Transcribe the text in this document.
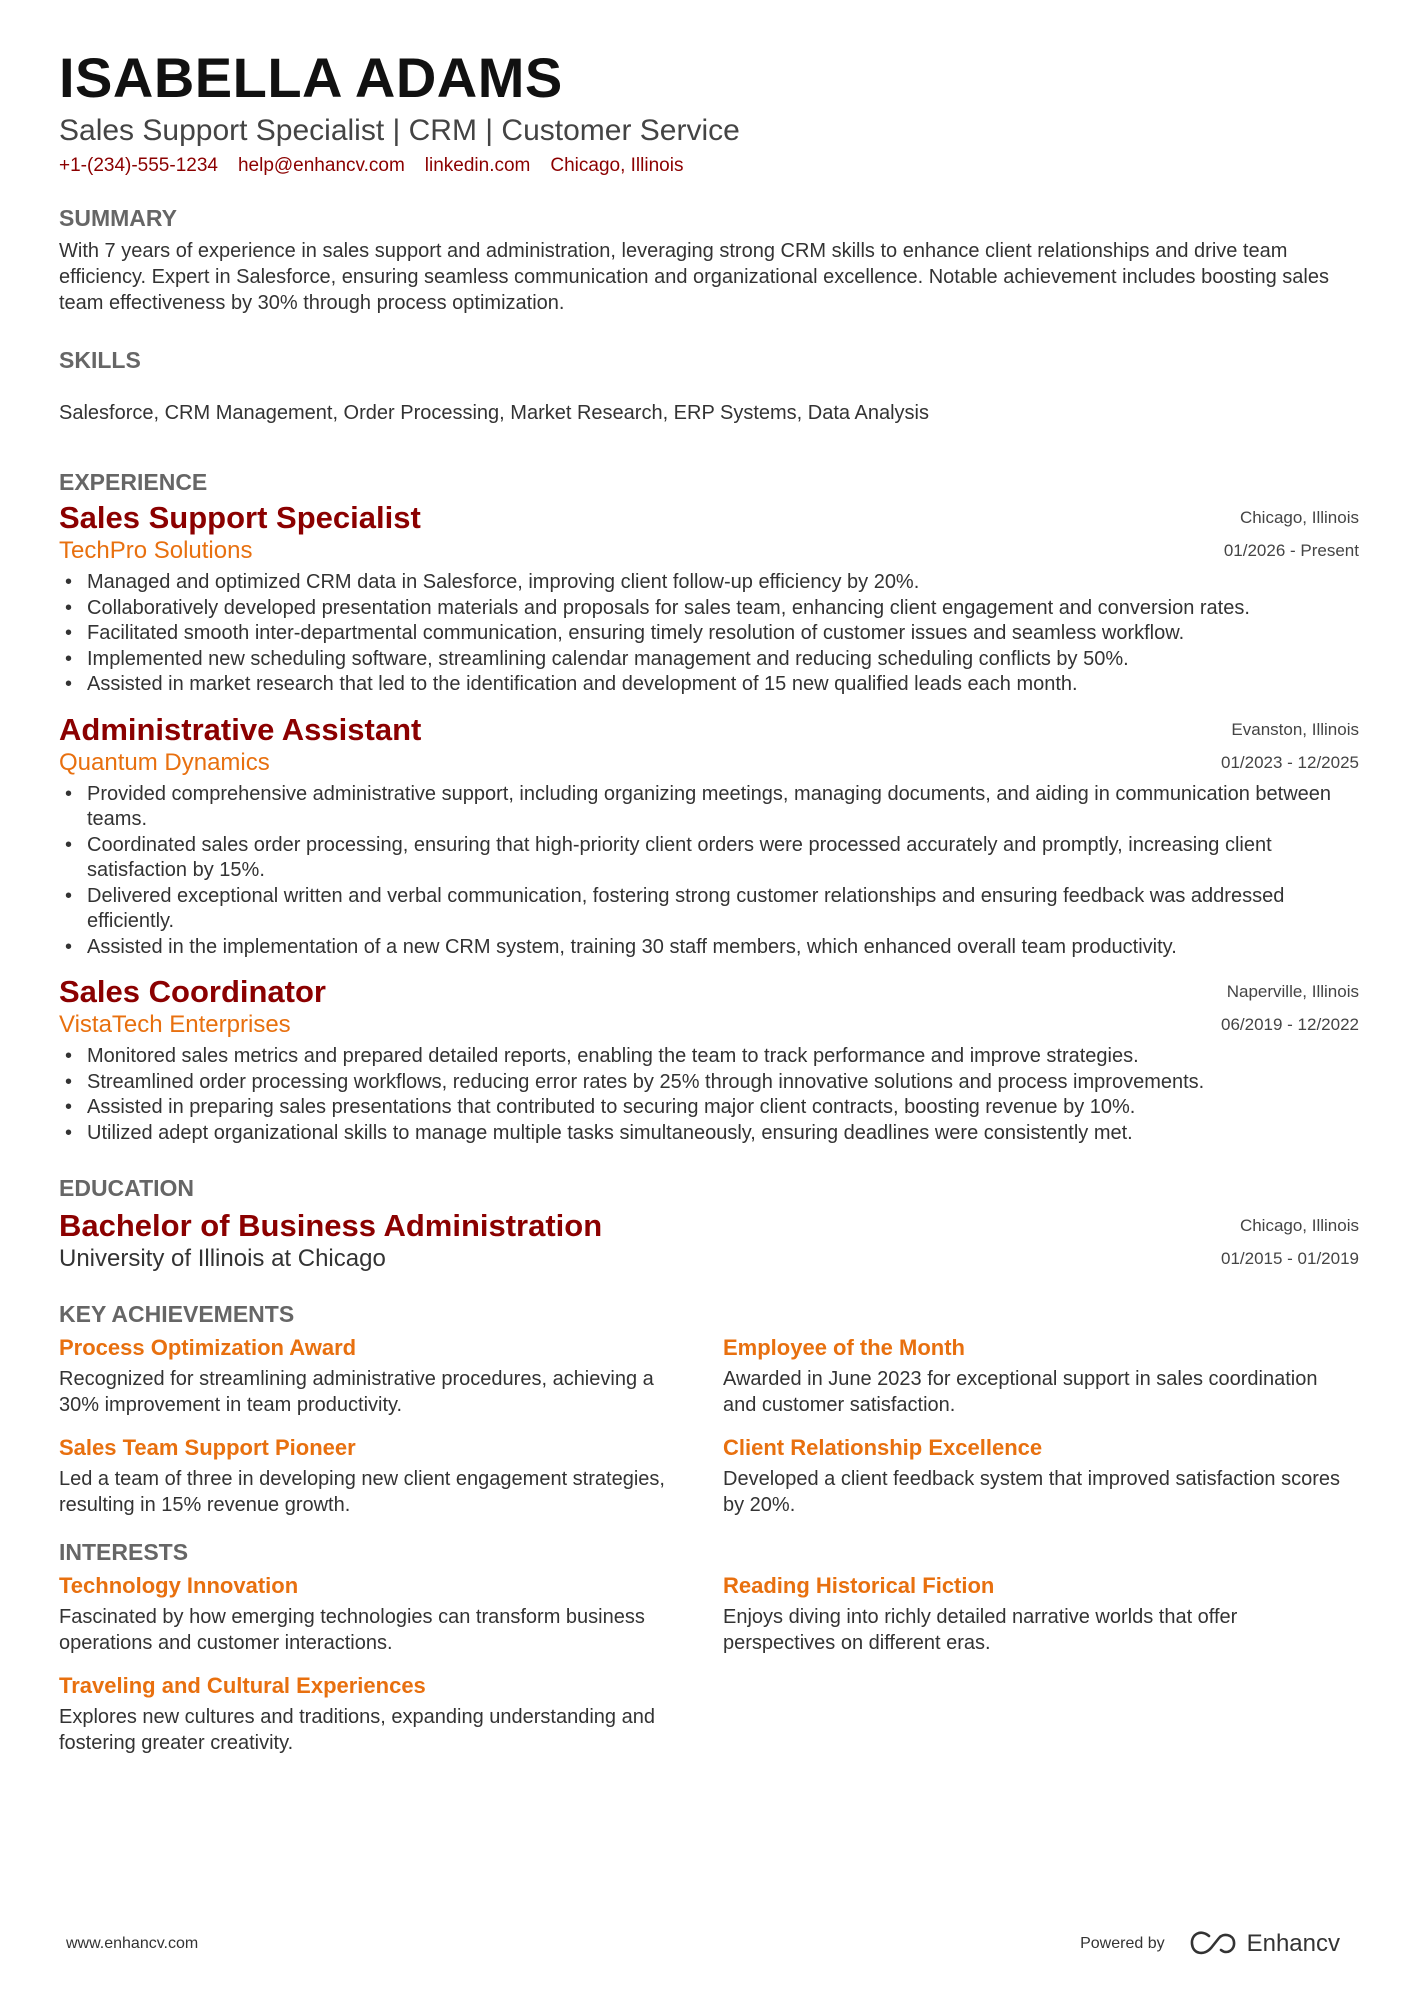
ISABELLA ADAMS
Sales Support Specialist | CRM | Customer Service
+1-(234)-555-1234 help@enhancv.com linkedin.com Chicago, Illinois
SUMMARY

With 7 years of experience in sales support and administration, leveraging strong CRM skills to enhance client relationships and drive team efficiency. Expert in Salesforce, ensuring seamless communication and organizational excellence. Notable achievement includes boosting sales team effectiveness by 30% through process optimization.

SKILLS

Salesforce, CRM Management, Order Processing, Market Research, ERP Systems, Data Analysis

EXPERIENCE
Sales Support Specialist	Chicago, Illinois
TechPro Solutions	01/2026 - Present
• Managed and optimized CRM data in Salesforce, improving client follow-up efficiency by 20%.
• Collaboratively developed presentation materials and proposals for sales team, enhancing client engagement and conversion rates.
• Facilitated smooth inter-departmental communication, ensuring timely resolution of customer issues and seamless workflow.
• Implemented new scheduling software, streamlining calendar management and reducing scheduling conflicts by 50%.
• Assisted in market research that led to the identification and development of 15 new qualified leads each month.
Administrative Assistant	Evanston, Illinois
Quantum Dynamics	01/2023 - 12/2025
• Provided comprehensive administrative support, including organizing meetings, managing documents, and aiding in communication between teams.
• Coordinated sales order processing, ensuring that high-priority client orders were processed accurately and promptly, increasing client satisfaction by 15%.
• Delivered exceptional written and verbal communication, fostering strong customer relationships and ensuring feedback was addressed efficiently.
• Assisted in the implementation of a new CRM system, training 30 staff members, which enhanced overall team productivity.
Sales Coordinator	Naperville, Illinois
VistaTech Enterprises	06/2019 - 12/2022
• Monitored sales metrics and prepared detailed reports, enabling the team to track performance and improve strategies.
• Streamlined order processing workflows, reducing error rates by 25% through innovative solutions and process improvements.
• Assisted in preparing sales presentations that contributed to securing major client contracts, boosting revenue by 10%.
• Utilized adept organizational skills to manage multiple tasks simultaneously, ensuring deadlines were consistently met.
EDUCATION
Bachelor of Business Administration	Chicago, Illinois
University of Illinois at Chicago	01/2015 - 01/2019
KEY ACHIEVEMENTS
Process Optimization Award

Recognized for streamlining administrative procedures, achieving a 30% improvement in team productivity.

Employee of the Month

Awarded in June 2023 for exceptional support in sales coordination and customer satisfaction.

Sales Team Support Pioneer

Led a team of three in developing new client engagement strategies, resulting in 15% revenue growth.

Client Relationship Excellence

Developed a client feedback system that improved satisfaction scores by 20%.

INTERESTS
Technology Innovation

Fascinated by how emerging technologies can transform business operations and customer interactions.

Reading Historical Fiction

Enjoys diving into richly detailed narrative worlds that offer perspectives on different eras.

Traveling and Cultural Experiences

Explores new cultures and traditions, expanding understanding and fostering greater creativity.

www.enhancv.com	Powered by	Enhancv
